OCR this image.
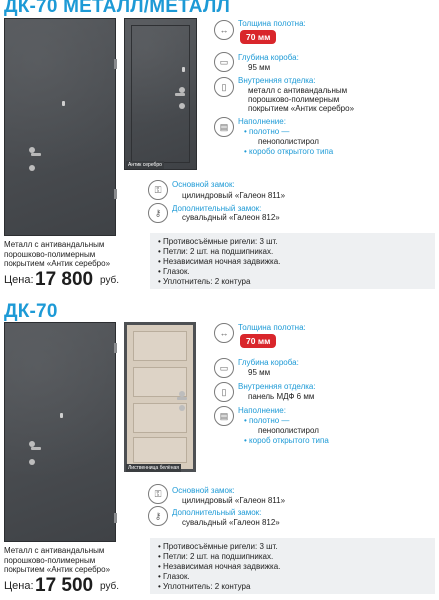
ДК-70 МЕТАЛЛ/МЕТАЛЛ
Антик серебро
↔
Толщина полотна:
70 мм
▭	Глубина короба:
95 мм
▯
Внутренняя отделка:
металл с антивандальным
порошково-полимерным
покрытием «Антик серебро»
▤	Наполнение:
• полотно —
пенополистирол
• коробо открытого типа
⚿	Основной замок:
цилиндровый «Галеон 811»
⚷	Дополнительный замок:
сувальдный «Галеон 812»
Металл с антивандальным
порошково-полимерным
покрытием «Антик серебро»
Цена: 17 800 руб.
• Противосъёмные ригели: 3 шт.
• Петли: 2 шт. на подшипниках.
• Независимая ночная задвижка.
• Глазок.
• Уплотнитель: 2 контура
ДК-70
Лиственница белёная
↔
Толщина полотна:
70 мм
▭	Глубина короба:
95 мм
▯	Внутренняя отделка:
панель МДФ 6 мм
▤	Наполнение:
• полотно —
пенополистирол
• короб открытого типа
⚿	Основной замок:
цилиндровый «Галеон 811»
⚷	Дополнительный замок:
сувальдный «Галеон 812»
Металл с антивандальным
порошково-полимерным
покрытием «Антик серебро»
Цена: 17 500 руб.
• Противосъёмные ригели: 3 шт.
• Петли: 2 шт. на подшипниках.
• Независимая ночная задвижка.
• Глазок.
• Уплотнитель: 2 контура
